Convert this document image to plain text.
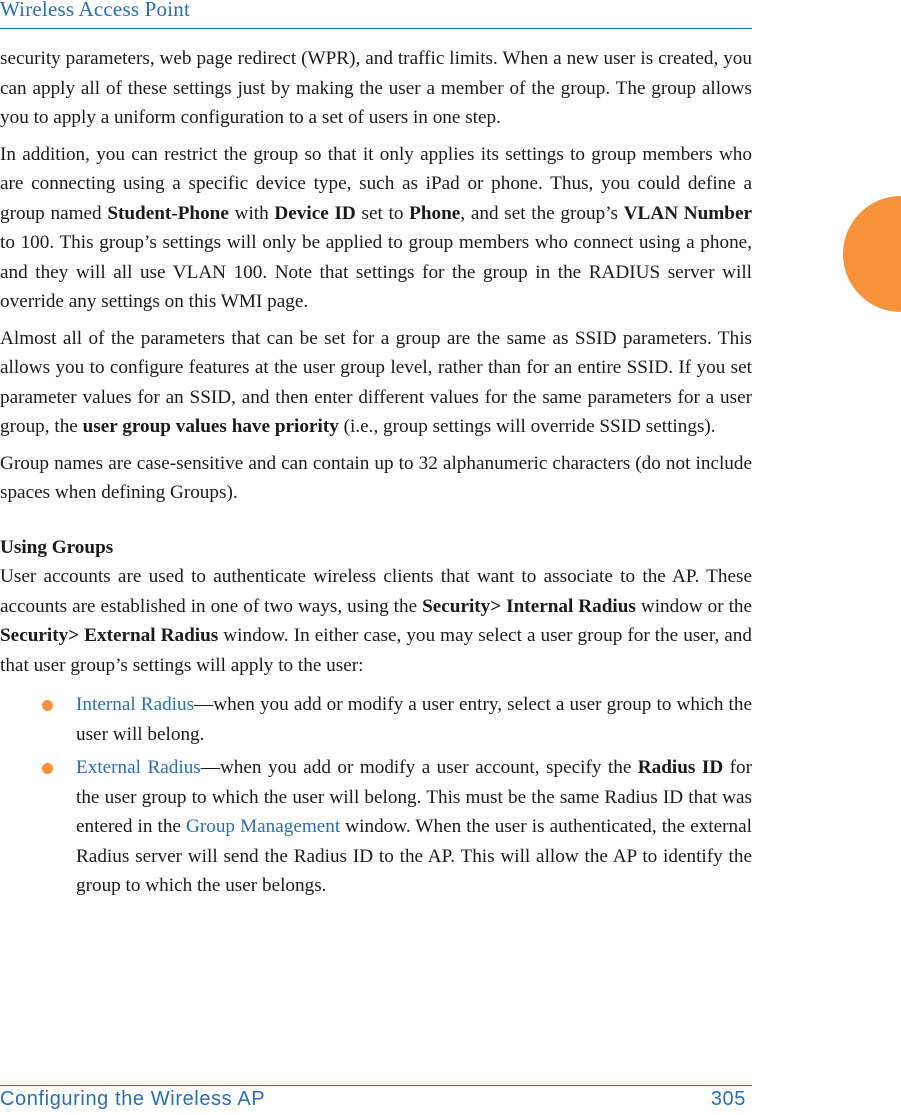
Wireless Access Point

security parameters, web page redirect (WPR), and traffic limits. When a new user is created, you can apply all of these settings just by making the user a member of the group. The group allows you to apply a uniform configuration to a set of users in one step.

In addition, you can restrict the group so that it only applies its settings to group members who are connecting using a specific device type, such as iPad or phone. Thus, you could define a group named Student-Phone with Device ID set to Phone, and set the group’s VLAN Number to 100. This group’s settings will only be applied to group members who connect using a phone, and they will all use VLAN 100. Note that settings for the group in the RADIUS server will override any settings on this WMI page.

Almost all of the parameters that can be set for a group are the same as SSID parameters. This allows you to configure features at the user group level, rather than for an entire SSID. If you set parameter values for an SSID, and then enter different values for the same parameters for a user group, the user group values have priority (i.e., group settings will override SSID settings).

Group names are case-sensitive and can contain up to 32 alphanumeric characters (do not include spaces when defining Groups).

Using Groups

User accounts are used to authenticate wireless clients that want to associate to the AP. These accounts are established in one of two ways, using the Security> Internal Radius window or the Security> External Radius window. In either case, you may select a user group for the user, and that user group’s settings will apply to the user:

Internal Radius—when you add or modify a user entry, select a user group to which the user will belong.
External Radius—when you add or modify a user account, specify the Radius ID for the user group to which the user will belong. This must be the same Radius ID that was entered in the Group Management window. When the user is authenticated, the external Radius server will send the Radius ID to the AP. This will allow the AP to identify the group to which the user belongs.
Configuring the Wireless AP	305
